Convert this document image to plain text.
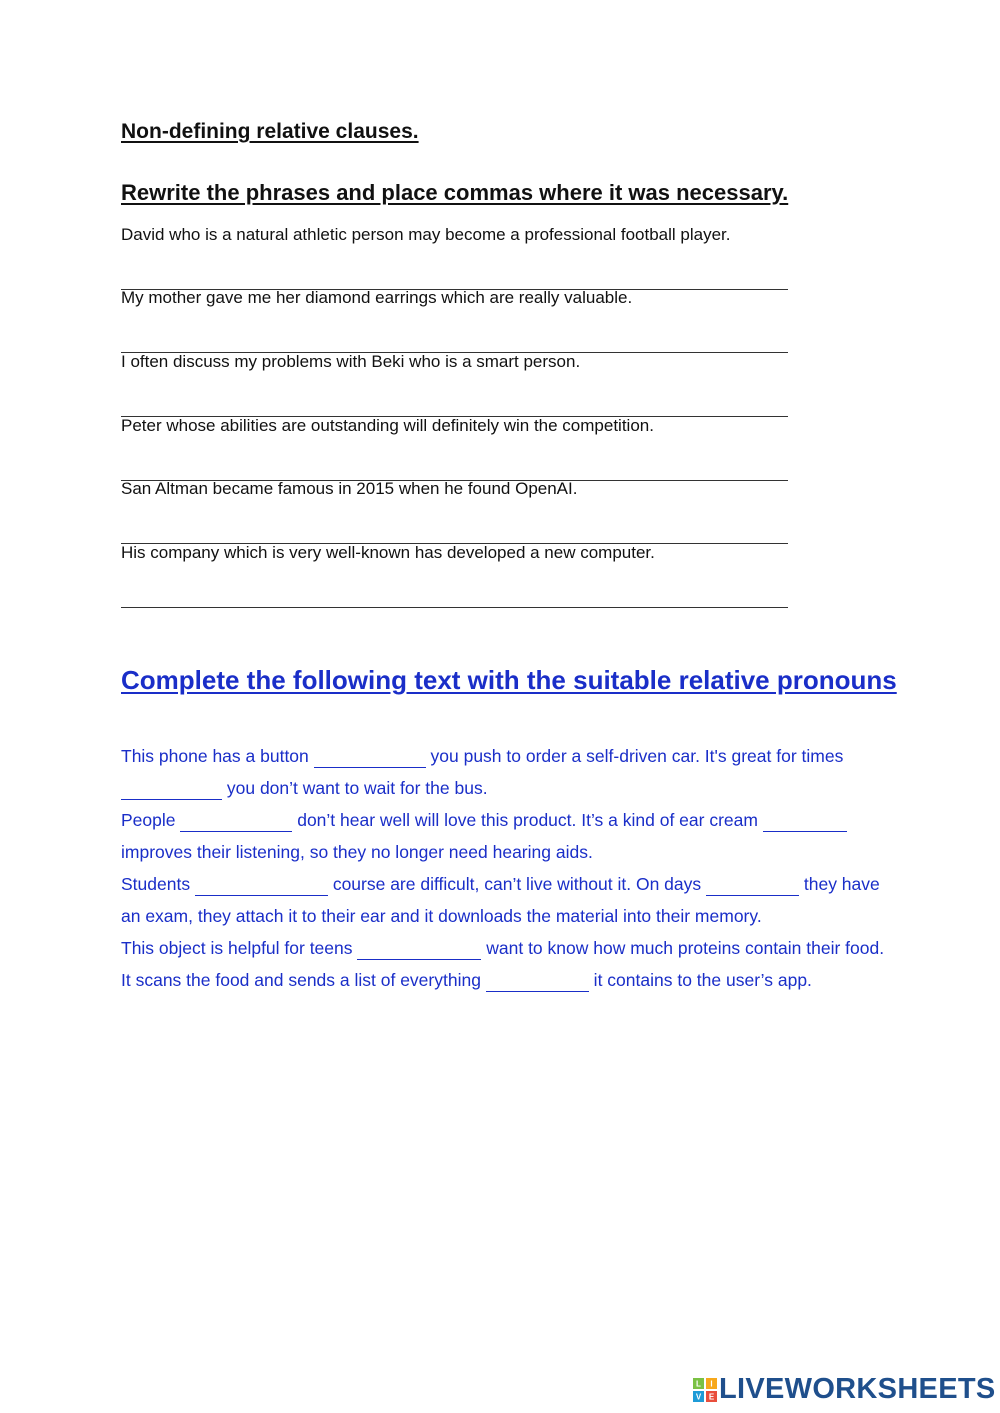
Non-defining relative clauses.
Rewrite the phrases and place commas where it was necessary.

David who is a natural athletic person may become a professional football player.

My mother gave me her diamond earrings which are really valuable.

I often discuss my problems with Beki who is a smart person.

Peter whose abilities are outstanding will definitely win the competition.

San Altman became famous in 2015 when he found OpenAI.

His company which is very well-known has developed a new computer.

Complete the following text with the suitable relative pronouns

This phone has a button	you push to order a self-driven car. It's great for times  you don’t want to wait for the bus.

People	don’t hear well will love this product. It’s a kind of ear cream  improves their listening, so they no longer need hearing aids.

Students	course are difficult, can’t live without it. On days	they have an exam, they attach it to their ear and it downloads the material into their memory.

This object is helpful for teens	want to know how much proteins contain their food. It scans the food and sends a list of everything	it contains to the user’s app.

L I
V E LIVEWORKSHEETS
